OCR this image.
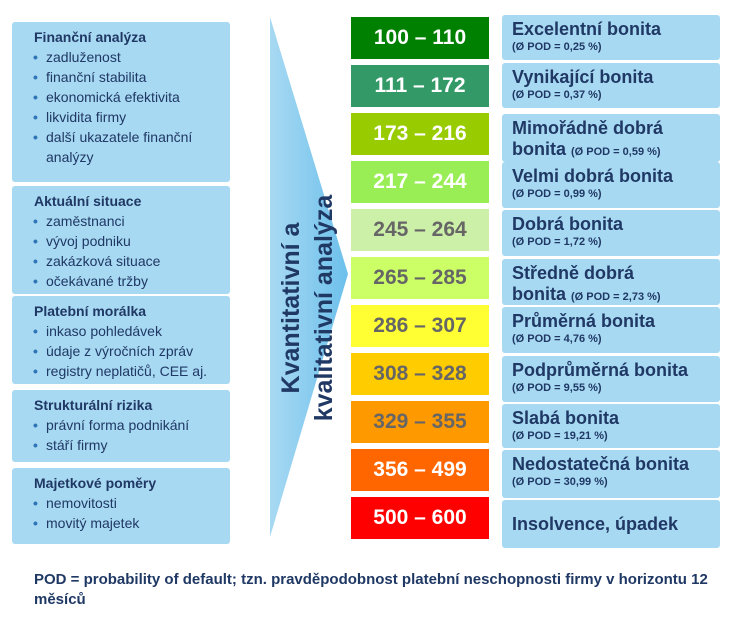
Finanční analýza
• zadluženost
• finanční stabilita
• ekonomická efektivita
• likvidita firmy
• další ukazatele finanční analýzy
Aktuální situace
• zaměstnanci
• vývoj podniku
• zakázková situace
• očekávané tržby
Platební morálka
• inkaso pohledávek
• údaje z výročních zpráv
• registry neplatičů, CEE aj.
Strukturální rizika
• právní forma podnikání
• stáří firmy
Majetkové poměry
• nemovitosti
• movitý majetek
Kvantitativní a kvalitativní analýza
100 – 110
111 – 172
173 – 216
217 – 244
245 – 264
265 – 285
286 – 307
308 – 328
329 – 355
356 – 499
500 – 600
Excelentní bonita
(Ø POD = 0,25 %)
Vynikající bonita
(Ø POD = 0,37 %)
Mimořádně dobrá
bonita (Ø POD = 0,59 %)
Velmi dobrá bonita
(Ø POD = 0,99 %)
Dobrá bonita
(Ø POD = 1,72 %)
Středně dobrá
bonita (Ø POD = 2,73 %)
Průměrná bonita
(Ø POD = 4,76 %)
Podprůměrná bonita
(Ø POD = 9,55 %)
Slabá bonita
(Ø POD = 19,21 %)
Nedostatečná bonita
(Ø POD = 30,99 %)
Insolvence, úpadek
POD = probability of default; tzn. pravděpodobnost platební neschopnosti firmy v horizontu 12 měsíců
